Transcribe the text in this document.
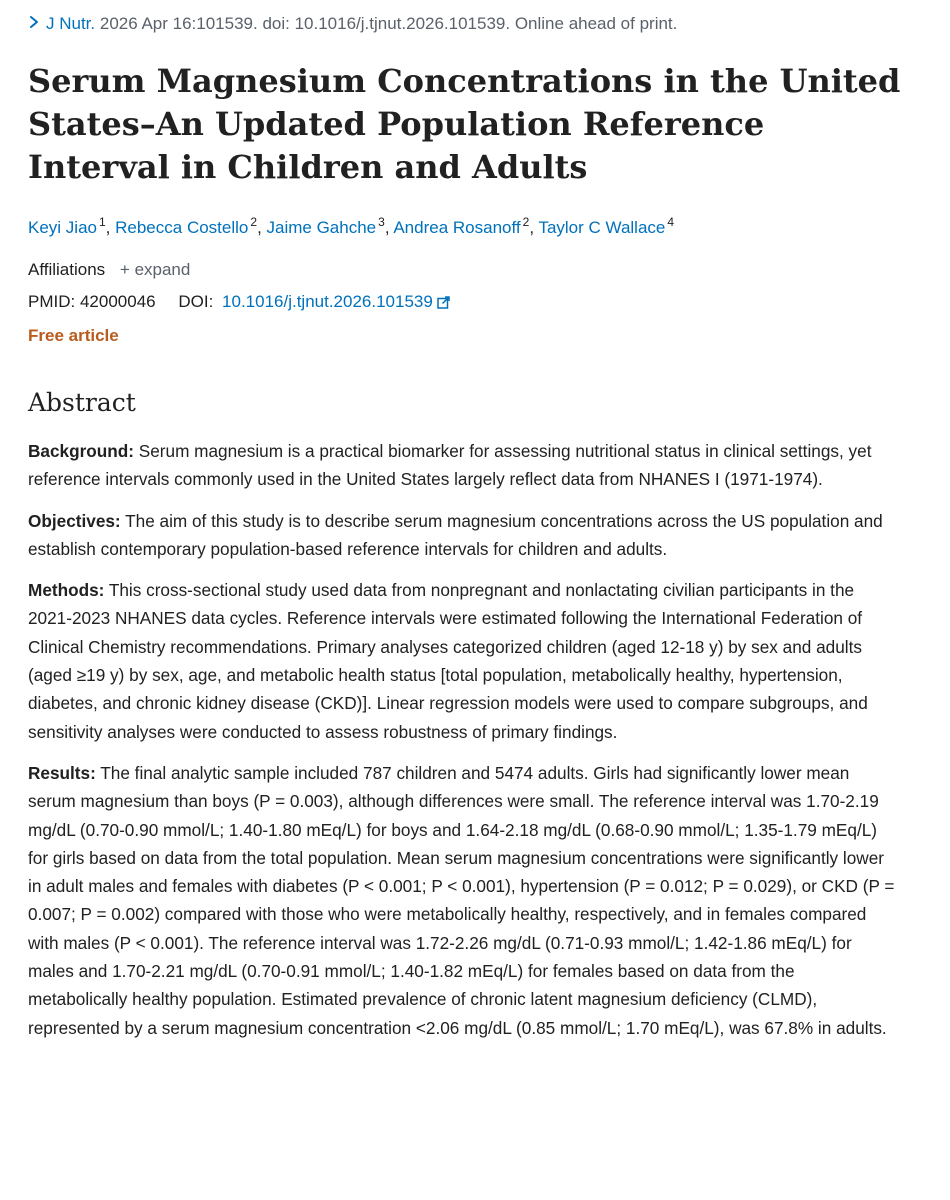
J Nutr. 2026 Apr 16:101539. doi: 10.1016/j.tjnut.2026.101539. Online ahead of print.
Serum Magnesium Concentrations in the United States–An Updated Population Reference Interval in Children and Adults
Keyi Jiao $^1$, Rebecca Costello $^2$, Jaime Gahche $^3$, Andrea Rosanoff $^2$, Taylor C Wallace $^4$
Affiliations + expand
PMID: 42000046 DOI: 10.1016/j.tjnut.2026.101539
Free article
Abstract

Background: Serum magnesium is a practical biomarker for assessing nutritional status in clinical settings, yet reference intervals commonly used in the United States largely reflect data from NHANES I (1971-1974).

Objectives: The aim of this study is to describe serum magnesium concentrations across the US population and establish contemporary population-based reference intervals for children and adults.

Methods: This cross-sectional study used data from nonpregnant and nonlactating civilian participants in the 2021-2023 NHANES data cycles. Reference intervals were estimated following the International Federation of Clinical Chemistry recommendations. Primary analyses categorized children (aged 12-18 y) by sex and adults (aged ≥19 y) by sex, age, and metabolic health status [total population, metabolically healthy, hypertension, diabetes, and chronic kidney disease (CKD)]. Linear regression models were used to compare subgroups, and sensitivity analyses were conducted to assess robustness of primary findings.

Results: The final analytic sample included 787 children and 5474 adults. Girls had significantly lower mean serum magnesium than boys (P = 0.003), although differences were small. The reference interval was 1.70-2.19 mg/dL (0.70-0.90 mmol/L; 1.40-1.80 mEq/L) for boys and 1.64-2.18 mg/dL (0.68-0.90 mmol/L; 1.35-1.79 mEq/L) for girls based on data from the total population. Mean serum magnesium concentrations were significantly lower in adult males and females with diabetes (P < 0.001; P < 0.001), hypertension (P = 0.012; P = 0.029), or CKD (P = 0.007; P = 0.002) compared with those who were metabolically healthy, respectively, and in females compared with males (P < 0.001). The reference interval was 1.72-2.26 mg/dL (0.71-0.93 mmol/L; 1.42-1.86 mEq/L) for males and 1.70-2.21 mg/dL (0.70-0.91 mmol/L; 1.40-1.82 mEq/L) for females based on data from the metabolically healthy population. Estimated prevalence of chronic latent magnesium deficiency (CLMD), represented by a serum magnesium concentration <2.06 mg/dL (0.85 mmol/L; 1.70 mEq/L), was 67.8% in adults.
